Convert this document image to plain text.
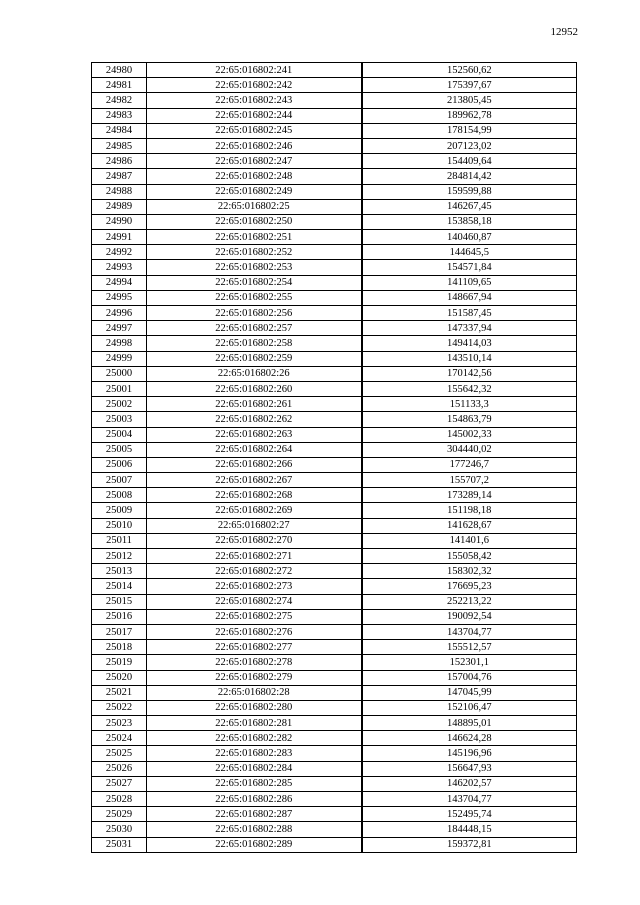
12952
24980	22:65:016802:241	152560,62
24981	22:65:016802:242	175397,67
24982	22:65:016802:243	213805,45
24983	22:65:016802:244	189962,78
24984	22:65:016802:245	178154,99
24985	22:65:016802:246	207123,02
24986	22:65:016802:247	154409,64
24987	22:65:016802:248	284814,42
24988	22:65:016802:249	159599,88
24989	22:65:016802:25	146267,45
24990	22:65:016802:250	153858,18
24991	22:65:016802:251	140460,87
24992	22:65:016802:252	144645,5
24993	22:65:016802:253	154571,84
24994	22:65:016802:254	141109,65
24995	22:65:016802:255	148667,94
24996	22:65:016802:256	151587,45
24997	22:65:016802:257	147337,94
24998	22:65:016802:258	149414,03
24999	22:65:016802:259	143510,14
25000	22:65:016802:26	170142,56
25001	22:65:016802:260	155642,32
25002	22:65:016802:261	151133,3
25003	22:65:016802:262	154863,79
25004	22:65:016802:263	145002,33
25005	22:65:016802:264	304440,02
25006	22:65:016802:266	177246,7
25007	22:65:016802:267	155707,2
25008	22:65:016802:268	173289,14
25009	22:65:016802:269	151198,18
25010	22:65:016802:27	141628,67
25011	22:65:016802:270	141401,6
25012	22:65:016802:271	155058,42
25013	22:65:016802:272	158302,32
25014	22:65:016802:273	176695,23
25015	22:65:016802:274	252213,22
25016	22:65:016802:275	190092,54
25017	22:65:016802:276	143704,77
25018	22:65:016802:277	155512,57
25019	22:65:016802:278	152301,1
25020	22:65:016802:279	157004,76
25021	22:65:016802:28	147045,99
25022	22:65:016802:280	152106,47
25023	22:65:016802:281	148895,01
25024	22:65:016802:282	146624,28
25025	22:65:016802:283	145196,96
25026	22:65:016802:284	156647,93
25027	22:65:016802:285	146202,57
25028	22:65:016802:286	143704,77
25029	22:65:016802:287	152495,74
25030	22:65:016802:288	184448,15
25031	22:65:016802:289	159372,81
